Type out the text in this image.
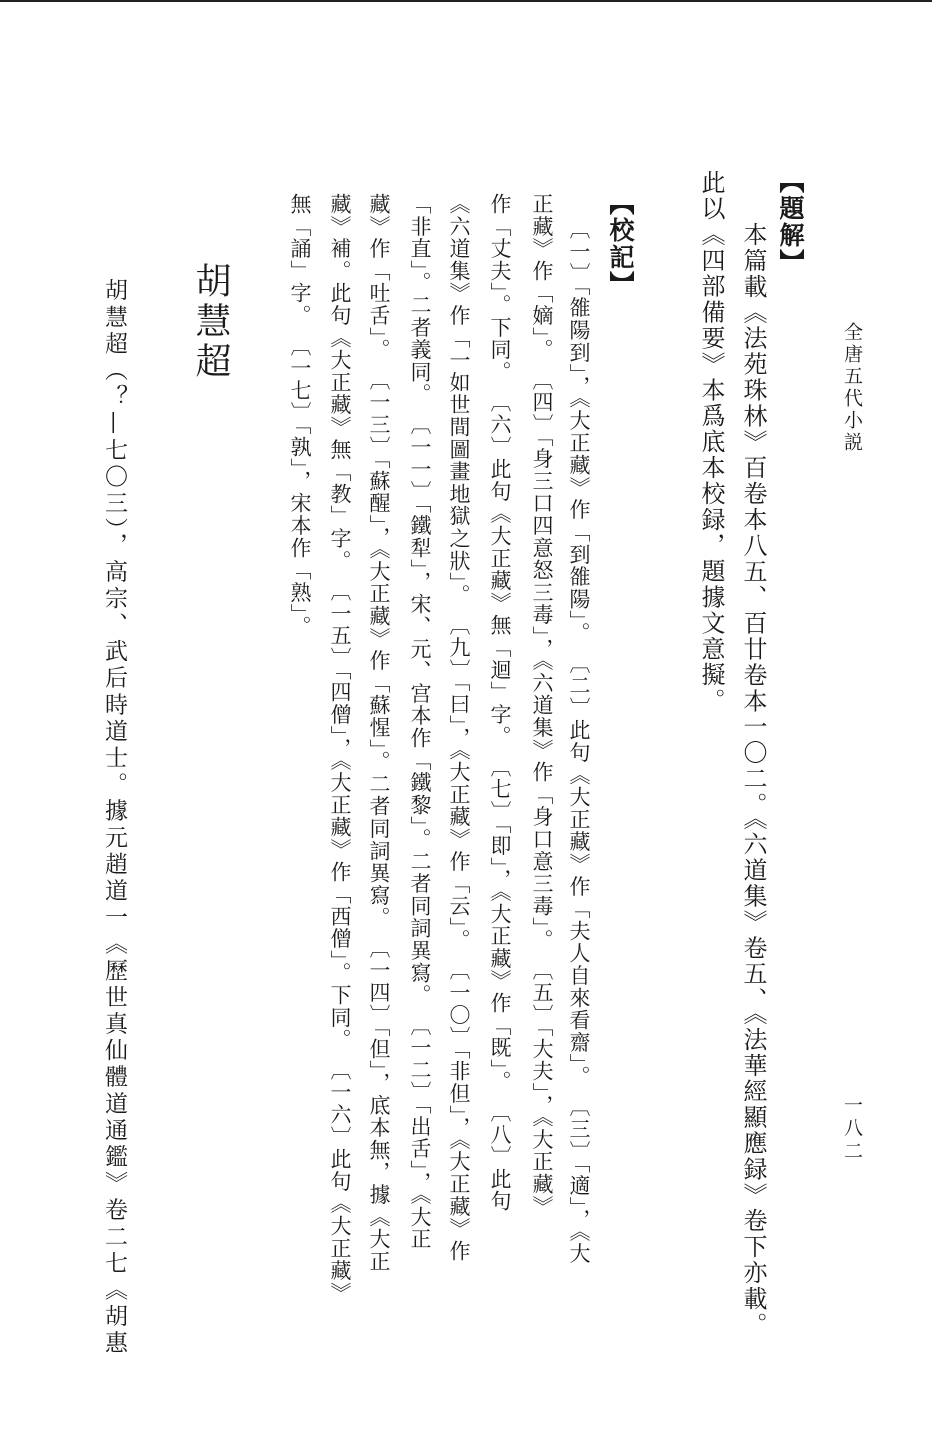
全唐五代小説
一八二
【題解】
本篇載《法苑珠林》百卷本八五、百廿卷本一〇二。《六道集》卷五、《法華經顯應録》卷下亦載。
此以《四部備要》本爲底本校録，題據文意擬。
【校記】
〔一〕「雒陽到」，《大正藏》作「到雒陽」。 〔二〕此句《大正藏》作「夫人自來看齋」。 〔三〕「適」，《大
正藏》作「嫡」。 〔四〕「身三口四意怒三毒」，《六道集》作「身口意三毒」。 〔五〕「大夫」，《大正藏》
作「丈夫」。下同。 〔六〕此句《大正藏》無「迴」字。 〔七〕「即」，《大正藏》作「既」。 〔八〕此句
《六道集》作「一如世間圖畫地獄之狀」。 〔九〕「曰」，《大正藏》作「云」。 〔一〇〕「非但」，《大正藏》作
「非直」。二者義同。 〔一一〕「鐵犁」，宋、元、宫本作「鐵黎」。二者同詞異寫。 〔一二〕「出舌」，《大正
藏》作「吐舌」。 〔一三〕「蘇醒」，《大正藏》作「蘇惺」。二者同詞異寫。 〔一四〕「但」，底本無，據《大正
藏》補。此句《大正藏》無「教」字。 〔一五〕「四僧」，《大正藏》作「西僧」。下同。 〔一六〕此句《大正藏》
無「誦」字。 〔一七〕「孰」，宋本作「熟」。
胡慧超
胡慧超（？—七〇三），高宗、武后時道士。據元趙道一《歷世真仙體道通鑑》卷二七《胡惠
